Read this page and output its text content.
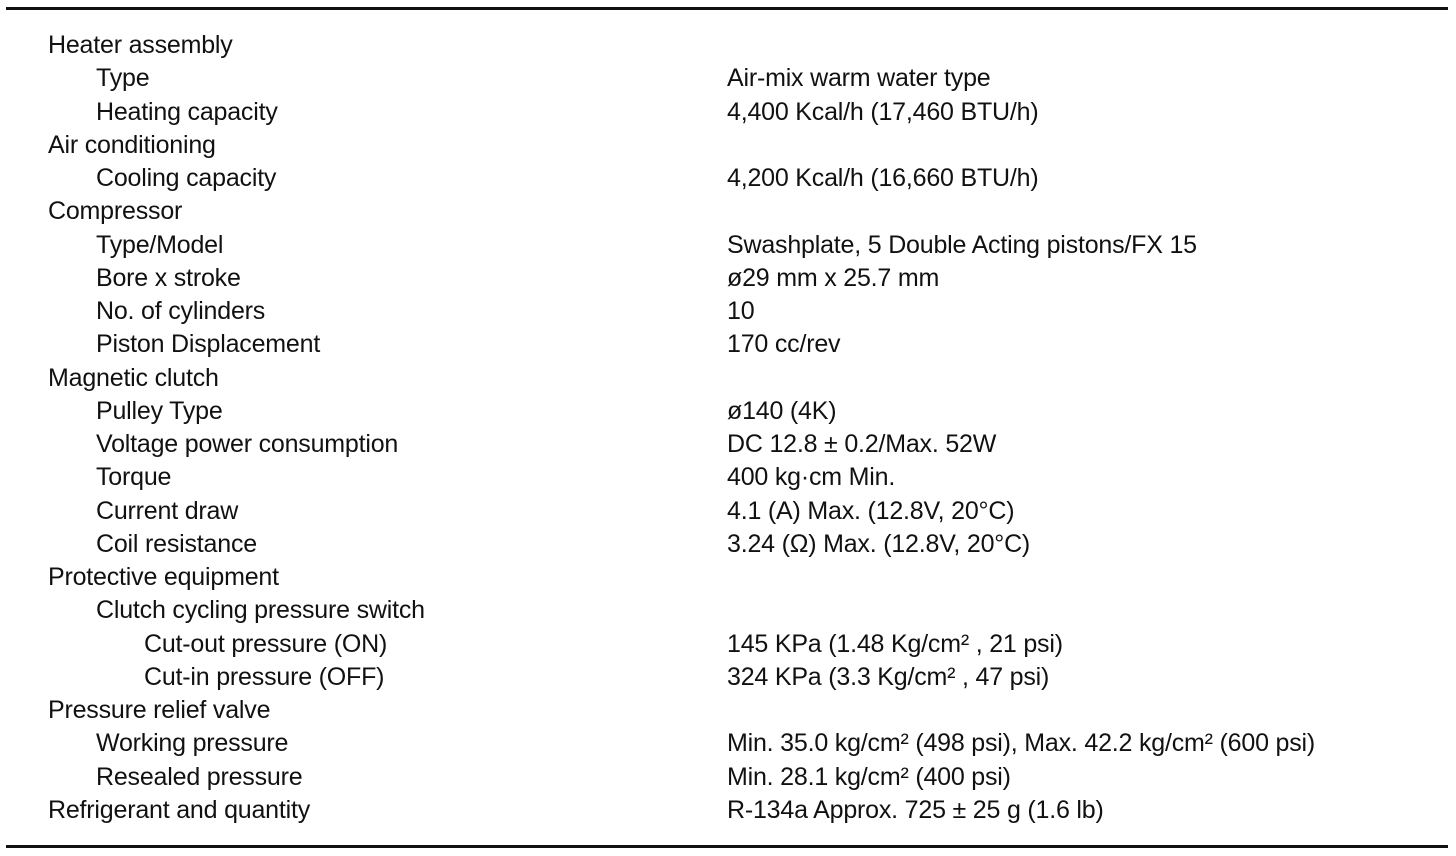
Heater assembly
Type	Air-mix warm water type
Heating capacity	4,400 Kcal/h (17,460 BTU/h)
Air conditioning
Cooling capacity	4,200 Kcal/h (16,660 BTU/h)
Compressor
Type/Model	Swashplate, 5 Double Acting pistons/FX 15
Bore x stroke	ø29 mm x 25.7 mm
No. of cylinders	10
Piston Displacement	170 cc/rev
Magnetic clutch
Pulley Type	ø140 (4K)
Voltage power consumption	DC 12.8 ± 0.2/Max. 52W
Torque	400 kg·cm Min.
Current draw	4.1 (A) Max. (12.8V, 20°C)
Coil resistance	3.24 (Ω) Max. (12.8V, 20°C)
Protective equipment
Clutch cycling pressure switch
Cut-out pressure (ON)	145 KPa (1.48 Kg/cm² , 21 psi)
Cut-in pressure (OFF)	324 KPa (3.3 Kg/cm² , 47 psi)
Pressure relief valve
Working pressure	Min. 35.0 kg/cm² (498 psi), Max. 42.2 kg/cm² (600 psi)
Resealed pressure	Min. 28.1 kg/cm² (400 psi)
Refrigerant and quantity	R-134a Approx. 725 ± 25 g (1.6 lb)
